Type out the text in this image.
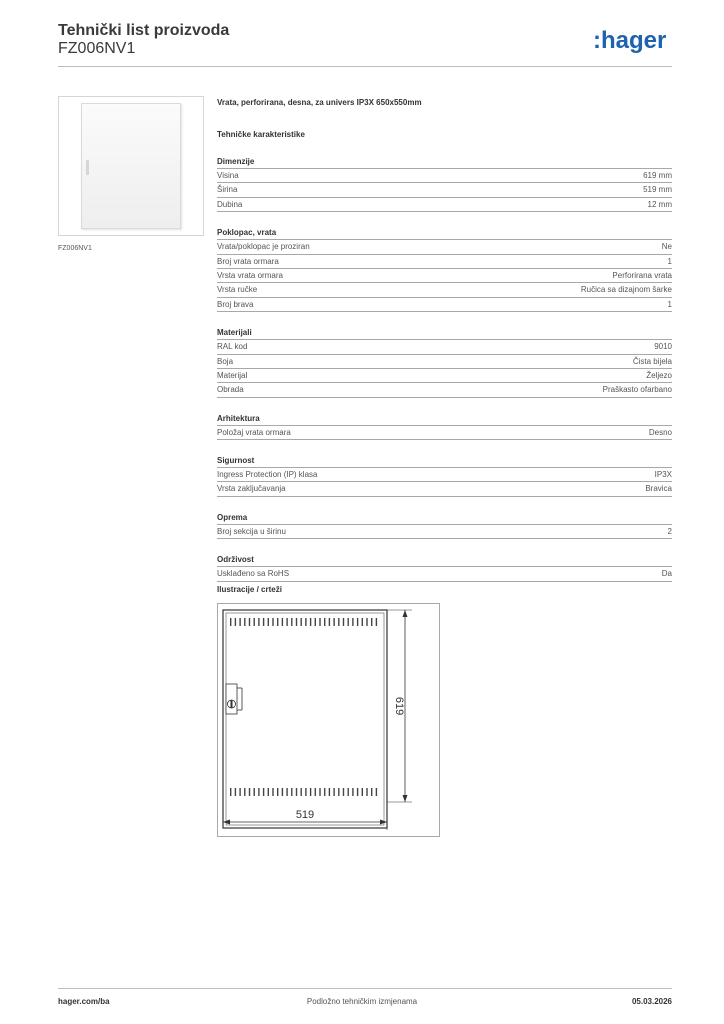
Tehnički list proizvoda
FZ006NV1	:hager
FZ006NV1
Vrata, perforirana, desna, za univers IP3X 650x550mm
Tehničke karakteristike
Dimenzije
Visina	619 mm
Širina	519 mm
Dubina	12 mm
Poklopac, vrata
Vrata/poklopac je proziran	Ne
Broj vrata ormara	1
Vrsta vrata ormara	Perforirana vrata
Vrsta ručke	Ručica sa dizajnom šarke
Broj brava	1
Materijali
RAL kod	9010
Boja	Čista bijela
Materijal	Željezo
Obrada	Praškasto ofarbano
Arhitektura
Položaj vrata ormara	Desno
Sigurnost
Ingress Protection (IP) klasa	IP3X
Vrsta zaključavanja	Bravica
Oprema
Broj sekcija u širinu	2
Održivost
Usklađeno sa RoHS	Da
Ilustracije / crteži
619
519
hager.com/ba	Podložno tehničkim izmjenama	05.03.2026
